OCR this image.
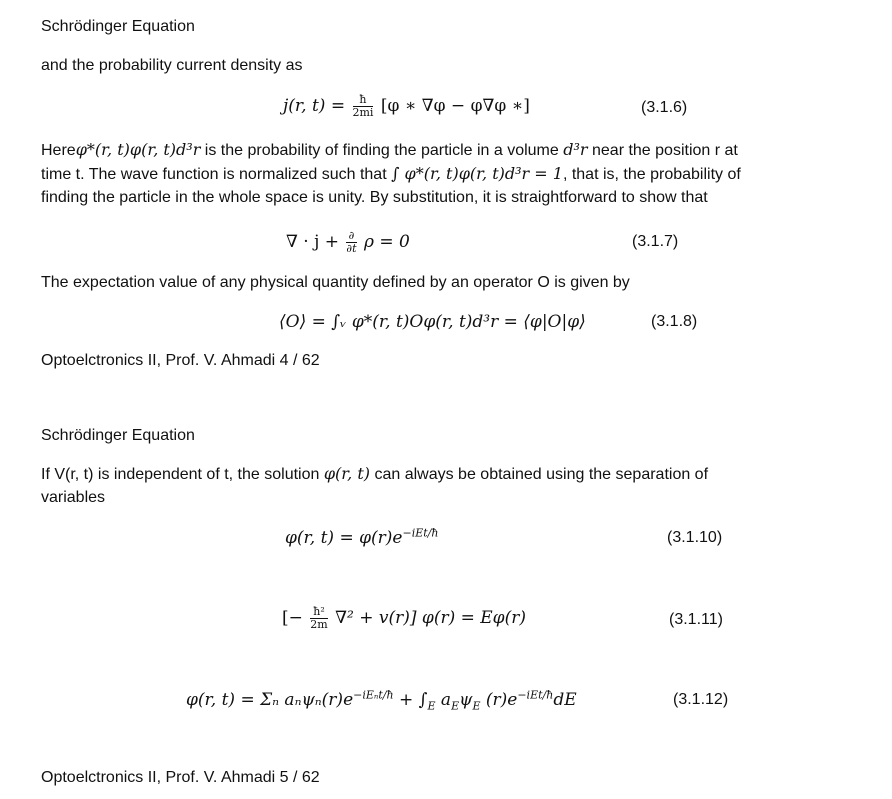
Schrödinger Equation
and the probability current density as
j(r, $t) = \frac{ħ}{2mi} [\varphi$ ∗ ∇φ − φ∇φ ∗]	(3.1.6)
Hereφ*(r, t)φ(r, t)d³r is the probability of finding the particle in a volume d³r near the position r at
time t. The wave function is normalized such that ∫ φ*(r, t)φ(r, t)d³r = 1, that is, the probability of
finding the particle in the whole space is unity. By substitution, it is straightforward to show that
∇ · $j + \frac{\partial}{\partial t}$ ρ = 0	(3.1.7)
The expectation value of any physical quantity defined by an operator O is given by
⟨O⟩ = ∫ᵥ φ*(r, t)Oφ(r, t)d³r = ⟨φ|O|φ⟩	(3.1.8)
Optoelctronics II, Prof. V. Ahmadi 4 / 62
Schrödinger Equation
If V(r, t) is independent of t, the solution φ(r, t) can always be obtained using the separation of
variables
φ(r, $t) = \varphi(r)e^{-iEt/ħ}$	(3.1.10)
[− $\frac{\text{ħ²}}{2m} \nabla^2 + v(r)$] φ(r) = Eφ(r)	(3.1.11)
φ(r, t) = Σₙ $a_n\psi_n(r)e^{-iE_nt/ħ} + \int_E$ $a_E\psi_E$ $(r)e^{-iEt/ħ}dE$	(3.1.12)
Optoelctronics II, Prof. V. Ahmadi 5 / 62
